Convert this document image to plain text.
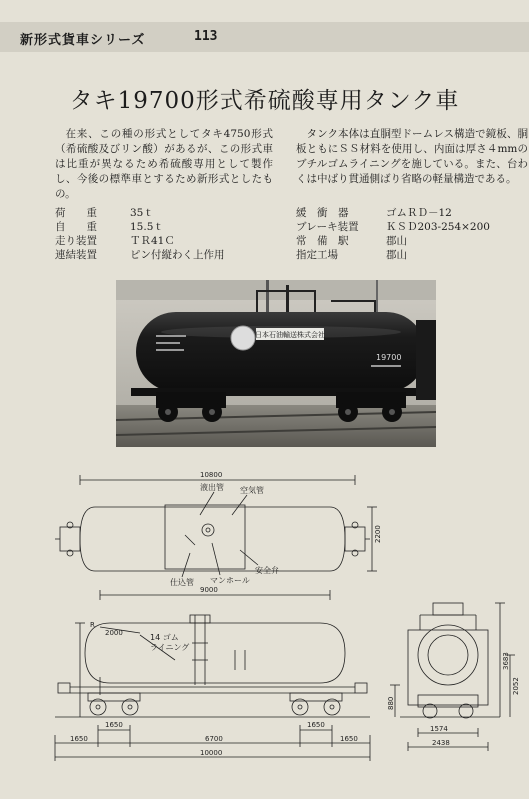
新形式貨車シリーズ	113
タキ19700形式希硫酸専用タンク車

在来、この種の形式としてタキ4750形式（希硫酸及びリン酸）があるが、この形式車は比重が異なるため希硫酸専用として製作し、今後の標準車とするため新形式としたもの。

タンク本体は直胴型ドームレス構造で鏡板、胴板ともにＳＳ材料を使用し、内面は厚さ４mmのブチルゴムライニングを施している。また、台わくは中ばり貫通側ばり省略の軽量構造である。

荷　　重	35ｔ
自　　重	15.5ｔ
走り装置	ＴＲ41Ｃ
連結装置	ピン付縦わく上作用
緩　衝　器	ゴムＲＤ－12
ブレーキ装置	ＫＳＤ203-254×200
常　備　駅	郡山
指定工場	郡山
日本石油輸送株式会社
19700
10800
液出管 空気管
安全弁
マンホール
仕込管
2200
9000
2000
R
14 ゴム
ライニング
1650	1650
1650	6700	1650
10000
1574
2438
3683
2052
880
